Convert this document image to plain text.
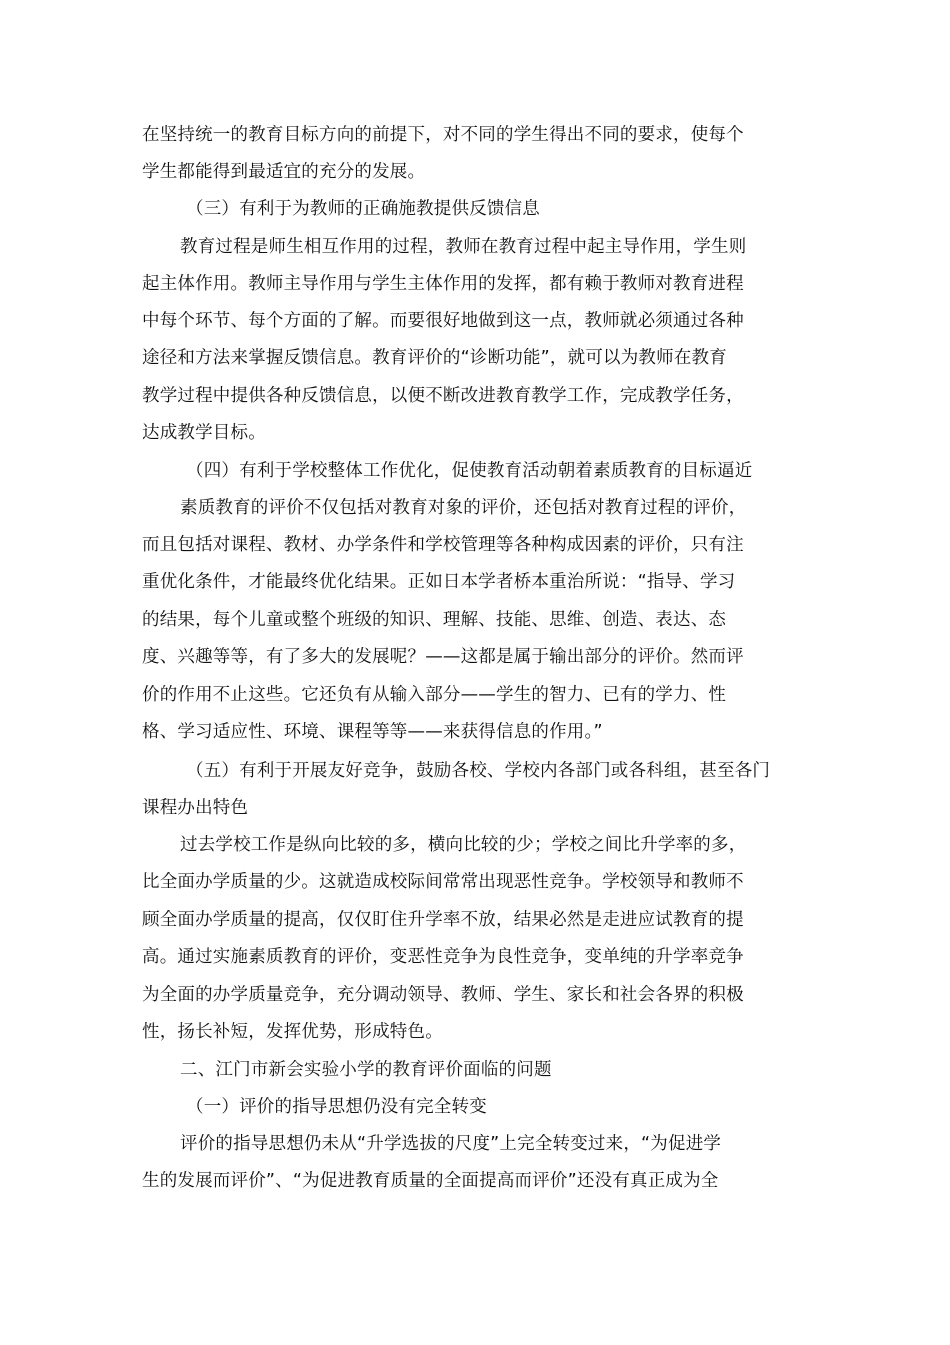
在坚持统一的教育目标方向的前提下，对不同的学生得出不同的要求，使每个
学生都能得到最适宜的充分的发展。
（三）有利于为教师的正确施教提供反馈信息
教育过程是师生相互作用的过程，教师在教育过程中起主导作用，学生则
起主体作用。教师主导作用与学生主体作用的发挥，都有赖于教师对教育进程
中每个环节、每个方面的了解。而要很好地做到这一点，教师就必须通过各种
途径和方法来掌握反馈信息。教育评价的“诊断功能”，就可以为教师在教育
教学过程中提供各种反馈信息，以便不断改进教育教学工作，完成教学任务，
达成教学目标。
（四）有利于学校整体工作优化，促使教育活动朝着素质教育的目标逼近
素质教育的评价不仅包括对教育对象的评价，还包括对教育过程的评价，
而且包括对课程、教材、办学条件和学校管理等各种构成因素的评价，只有注
重优化条件，才能最终优化结果。正如日本学者桥本重治所说：“指导、学习
的结果，每个儿童或整个班级的知识、理解、技能、思维、创造、表达、态
度、兴趣等等，有了多大的发展呢？——这都是属于输出部分的评价。然而评
价的作用不止这些。它还负有从输入部分——学生的智力、已有的学力、性
格、学习适应性、环境、课程等等——来获得信息的作用。”
（五）有利于开展友好竞争，鼓励各校、学校内各部门或各科组，甚至各门
课程办出特色
过去学校工作是纵向比较的多，横向比较的少；学校之间比升学率的多，
比全面办学质量的少。这就造成校际间常常出现恶性竞争。学校领导和教师不
顾全面办学质量的提高，仅仅盯住升学率不放，结果必然是走进应试教育的提
高。通过实施素质教育的评价，变恶性竞争为良性竞争，变单纯的升学率竞争
为全面的办学质量竞争，充分调动领导、教师、学生、家长和社会各界的积极
性，扬长补短，发挥优势，形成特色。
二、江门市新会实验小学的教育评价面临的问题
（一）评价的指导思想仍没有完全转变
评价的指导思想仍未从“升学选拔的尺度”上完全转变过来，“为促进学
生的发展而评价”、“为促进教育质量的全面提高而评价”还没有真正成为全
